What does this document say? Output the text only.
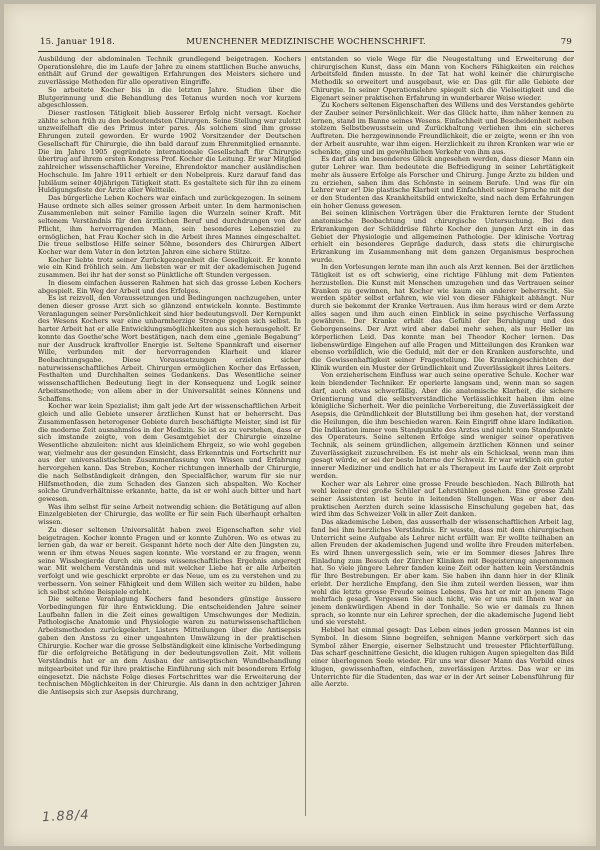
15. Januar 1918.	MUENCHENER MEDIZINISCHE WOCHENSCHRIFT.	79

Ausbildung der abdominalen Technik grundlegend beigetragen. Kochers Operationslehre, die im Laufe der Jahre zu einem stattlichen Buche anwuchs, enthält auf Grund der gewaltigen Erfahrungen des Meisters sichere und zuverlässige Methoden für alle operativen Eingriffe.

So arbeitete Kocher bis in die letzten Jahre. Studien über die Blutgerinnung und die Behandlung des Tetanus wurden noch vor kurzem abgeschlossen.

Dieser rastlosen Tätigkeit blieb äusserer Erfolg nicht versagt. Kocher zählte schon früh zu den bedeutendsten Chirurgen. Seine Stellung war zuletzt unzweifelhaft die des Primus inter pares. Als solchem sind ihm grosse Ehrungen zuteil geworden. Er wurde 1902 Vorsitzender der Deutschen Gesellschaft für Chirurgie, die ihn bald darauf zum Ehrenmitglied ernannte. Die im Jahre 1905 gegründete internationale Gesellschaft für Chirurgie übertrug auf ihrem ersten Kongress Prof. Kocher die Leitung. Er war Mitglied zahlreicher wissenschaftlicher Vereine, Ehrendoktor mancher ausländischen Hochschule. Im Jahre 1911 erhielt er den Nobelpreis. Kurz darauf fand das Jubiläum seiner 40jährigen Tätigkeit statt. Es gestaltete sich für ihn zu einem Huldigungsfeste der Ärzte aller Weltteile.

Das bürgerliche Leben Kochers war einfach und zurückgezogen. In seinem Hause ordnete sich alles seiner grossen Arbeit unter. In dem harmonischen Zusammenleben mit seiner Familie lagen die Wurzeln seiner Kraft. Mit seltenem Verständnis für den ärztlichen Beruf und durchdrungen von der Pflicht, ihm hervorragenden Mann, sein besonderes Lebensziel zu ermöglichen, hat Frau Kocher sich in die Arbeit ihres Mannes eingeschaltet. Die treue selbstlose Hilfe seiner Söhne, besonders des Chirurgen Albert Kocher war dem Vater in den letzten Jahren eine sichere Stütze.

Kocher liebte trotz seiner Zurückgezogenheit die Geselligkeit. Er konnte wie ein Kind fröhlich sein. Am liebsten war er mit der akademischen Jugend zusammen. Bei ihr hat der sonst so Pünktliche oft Stunden vergessen.

In diesem einfachen äusseren Rahmen hat sich das grosse Leben Kochers abgespielt. Ein Weg der Arbeit und des Erfolges.

Es ist reizvoll, den Voraussetzungen und Bedingungen nachzugehen, unter denen dieser grosse Arzt sich so glänzend entwickeln konnte. Bestimmte Veranlagungen seiner Persönlichkeit sind hier bedeutungsvoll. Der Kernpunkt des Wesens Kochers war eine unbarmherzige Strenge gegen sich selbst. In harter Arbeit hat er alle Entwicklungsmöglichkeiten aus sich herausgeholt. Er konnte das Goethe'sche Wort bestätigen, nach dem eine „geniale Begabung“ nur der Ausdruck kraftvoller Energie ist. Seltene Spannkraft und eiserner Wille, verbunden mit der hervorragenden Klarheit und klarer Beobachtungsgabe. Diese Voraussetzungen erzielen sicher naturwissenschaftliches Arbeit. Chirurgen ermöglichen Kocher das Erfassen, Festhalten und Durchhalten seines Gedankens. Das Wesentliche seiner wissenschaftlichen Bedeutung liegt in der Konsequenz und Logik seiner Arbeitsmethode; von allem aber in der Universalität seines Könnens und Schaffens.

Kocher war kein Spezialist; ihm galt jede Art der wissenschaftlichen Arbeit gleich und alle Gebiete unserer ärztlichen Kunst hat er beherrscht. Das Zusammenfassen heterogener Gebiete durch beschäftigte Meister, sind ist für die moderne Zeit ausnahmslos in der Medizin. So ist es zu verstehen, dass er sich imstande zeigte, von dem Gesamtgebiet der Chirurgie einzelne Wesentliche abzuleiten: nicht aus kleinlichem Ehrgeiz, so wie wohl gegeben war, vielmehr aus der gesunden Einsicht, dass Erkenntnis und Fortschritt nur aus der universalistischen Zusammenfassung von Wissen und Erfahrung hervorgehen kann. Das Streben, Kocher richtungen innerhalb der Chirurgie, die nach Selbständigkeit drängen, den Specialfächer, warum für sie nur Hilfsmethoden, die zum Schaden des Ganzen sich abspalten. Wo Kocher solche Grundverhältnisse erkannte, hatte, da ist er wohl auch bitter und hart gewesen.

Was ihm selbst für seine Arbeit notwendig schien: die Betätigung auf allen Einzelgebieten der Chirurgie, das wollte er für sein Fach überhaupt erhalten wissen.

Zu dieser seltenen Universalität haben zwei Eigenschaften sehr viel beigetragen. Kocher konnte Fragen und er konnte Zuhören. Wo es etwas zu lernen gab, da war er bereit. Gespannt hörte noch der Alte den Jüngsten zu, wenn er ihm etwas Neues sagen konnte. Wie vorstand er zu fragen, wenn seine Wissbegierde durch ein neues wissenschaftliches Ergebnis angeregt war. Mit welchem Verständnis und mit welcher Liebe hat er alle Arbeiten verfolgt und wie geschickt erprobte er das Neue, um es zu verstehen und zu verbessern. Von seiner Fähigkeit und dem Willen sich weiter zu bilden, habe ich selbst schöne Beispiele erlebt.

Die seltene Veranlagung Kochers fand besonders günstige äussere Vorbedingungen für ihre Entwicklung. Die entscheidenden Jahre seiner Laufbahn fallen in die Zeit eines gewaltigen Umschwunges der Medizin. Pathologische Anatomie und Physiologie waren zu naturwissenschaftlichen Arbeitsmethoden zurückgekehrt. Listers Mitteilungen über die Antisepsis gaben den Anstoss zu einer ungeahnten Umwälzung in der praktischen Chirurgie. Kocher war die grosse Selbständigkeit eine klinische Vorbedingung für die erfolgreiche Betätigung in der bedeutungsvollen Zeit. Mit vollem Verständnis hat er an dem Ausbau der antiseptischen Wundbehandlung mitgearbeitet und für ihre praktische Einführung sich mit besonderem Erfolg eingesetzt. Die nächste Folge dieses Fortschrittes war die Erweiterung der technischen Möglichkeiten in der Chirurgie. Als dann in den achtziger Jahren die Antisepsis sich zur Asepsis durchrang,

entstanden so viele Wege für die Neugestaltung und Erweiterung der chirurgischen Kunst, dass ein Mann von Kochers Fähigkeiten ein reiches Arbeitsfeld finden musste. In der Tat hat wohl keiner die chirurgische Methodik so erweitert und ausgebaut, wie er. Das gilt für alle Gebiete der Chirurgie. In seiner Operationslehre spiegelt sich die Vielseitigkeit und die Eigenart seiner praktischen Erfahrung in wunderbarer Weise wieder.

Zu Kochers seltenen Eigenschaften des Willens und des Verstandes gehörte der Zauber seiner Persönlichkeit. Wer das Glück hatte, ihm näher kennen zu lernen, stand im Banne seines Wesens. Einfachheit und Bescheidenheit neben stolzem Selbstbewusstsein und Zurückhaltung verliehen ihm ein sicheres Auftreten. Die herzgewinnende Freundlichkeit, die er zeigte, wenn er ihn von der Arbeit ausruhte, war ihm eigen. Herzlichkeit zu ihren Kranken war wie er schenkte, ging und im gewöhnlichen Verkehr von ihm aus.

Es darf als ein besonderes Glück angesehen werden, dass dieser Mann ein guter Lehrer war. Ihm bedeutete die Befriedigung in seiner Lehrtätigkeit mehr als äussere Erfolge als Forscher und Chirurg. Junge Ärzte zu bilden und zu erziehen, sahen ihm das Schönste in seinem Berufe. Und was für ein Lehrer war er! Die plastische Klarheit und Einfachheit seiner Sprache mit der er den Studenten das Krankheitsbild entwickelte, sind nach dem Erfahrungen ein hoher Genuss gewesen.

Bei seinen klinischen Vorträgen über die Frakturen lernte der Student anatomische Beobachtung und chirurgische Untersuchung. Bei den Erkrankungen der Schilddrüse führte Kocher den jungen Arzt ein in das Gebiet der Physiologie und allgemeinen Pathologie. Der klinische Vortrag erhielt ein besonderes Gepräge dadurch, dass stets die chirurgische Erkrankung im Zusammenhang mit dem ganzen Organismus besprochen wurde.

In den Vorlesungen lernte man ihn auch als Arzt kennen. Bei der ärztlichen Tätigkeit ist es oft schwierig, eine richtige Fühlung mit dem Patienten herzustellen. Die Kunst mit Menschen umzugehen und das Vertrauen seiner Kranken zu gewinnen, hat Kocher wie kaum ein anderer beherrscht. Sie werden später selbst erfahren, wie viel von dieser Fähigkeit abhängt. Nur durch sie bekommt der Kranke Vertrauen. Aus ihm heraus wird er dem Arzte alles sagen und ihm auch einen Einblick in seine psychische Verfassung gewähren. Der Kranke erhält das Gefühl der Beruhigung und des Geborgenseins. Der Arzt wird aber dabei mehr sehen, als nur Heller im körperlichen Leid. Das konnte man bei Theodor Kocher lernen. Das liebenswürdige Eingehen auf alle Fragen und Mitteilungen des Kranken war ebenso vorbildlich, wie die Geduld, mit der er den Kranken ausforschte, und die Gewissenhaftigkeit seiner Fragestellung. Die Krankengeschichten der Klinik wurden ein Muster der Gründlichkeit und Zuverlässigkeit ihres Leiters.

Von erzieherischem Einfluss war auch seine operative Schule. Kocher war kein blendender Techniker. Er operierte langsam und, wenn man so sagen darf, auch etwas schwerfällig. Aber die anatomische Klarheit, die sichere Orientierung und die selbstverständliche Verlässlichkeit haben ihm eine königliche Sicherheit. Wer die peinliche Vorbereitung, die Zuverlässigkeit der Asepsis, die Gründlichkeit der Blutstillung bei ihm gesehen hat, der verstand die Heilungen, die ihm beschieden waren. Kein Eingriff ohne klare Indikation. Die Indikation immer vom Standpunkte des Arztes und nicht vom Standpunkte des Operateurs. Seine seltenen Erfolge sind weniger seiner operativen Technik, als seinem gründlichen, allgemein ärztlichen Können und seiner Zuverlässigkeit zuzuschreiben. Es ist mehr als ein Schicksal, wenn man ihm gesagt würde, er sei der beste Interne der Schweiz. Er war wirklich ein guter innerer Mediziner und endlich hat er als Therapeut im Laufe der Zeit erprobt werden.

Kocher war als Lehrer eine grosse Freude beschieden. Nach Billroth hat wohl keiner drei große Schüler auf Lehrstühlen gesehen. Eine grosse Zahl seiner Assistenten ist heute in leitenden Stellungen. Was er aber den praktischen Aerzten durch seine klassische Einschulung gegeben hat, das wird ihm das Schweizer Volk in aller Zeit danken.

Das akademische Leben, das ausserhalb der wissenschaftlichen Arbeit lag, fand bei ihm herzliches Verständnis. Er wusste, dass mit dem chirurgischen Unterricht seine Aufgabe als Lehrer nicht erfüllt war. Er wollte teilhaben an allen Freuden der akademischen Jugend und wollte ihre Freuden miterleben. Es wird Ihnen unvergesslich sein, wie er im Sommer dieses Jahres Ihre Einladung zum Besuch der Zürcher Kliniken mit Begeisterung angenommen hat. So viele jüngere Lehrer fanden keine Zeit oder hatten kein Verständnis für Ihre Bestrebungen. Er aber kam. Sie haben ihn dann hier in der Klinik erlebt. Der herzliche Empfang, den Sie ihm zuteil werden liessen, war ihm wohl die letzte grosse Freude seines Lebens. Das hat er mir an jenem Tage mehrfach gesagt. Vergessen Sie auch nicht, wie er uns mit Ihnen war an jenem denkwürdigen Abend in der Tonhalle. So wie er damals zu Ihnen sprach, so konnte nur ein Lehrer sprechen, der die akademische Jugend liebt und sie versteht.

Hebbel hat einmal gesagt: Das Leben eines jeden grossen Mannes ist ein Symbol. In diesem Sinne begreifen, sehnigen Manne verkörpert sich das Symbol zäher Energie, eiserner Selbstzucht und treuester Pflichterfüllung. Das scharf geschnittene Gesicht, die klugen ruhigen Augen spiegelten das Bild einer überlegenen Seele wieder. Für uns war dieser Mann das Vorbild eines klugen, gewissenhaften, einfachen, zuverlässigen Arztes. Das war er im Unterrichte für die Studenten, das war er in der Art seiner Lebensführung für alle Aerzte.

1.88/4
